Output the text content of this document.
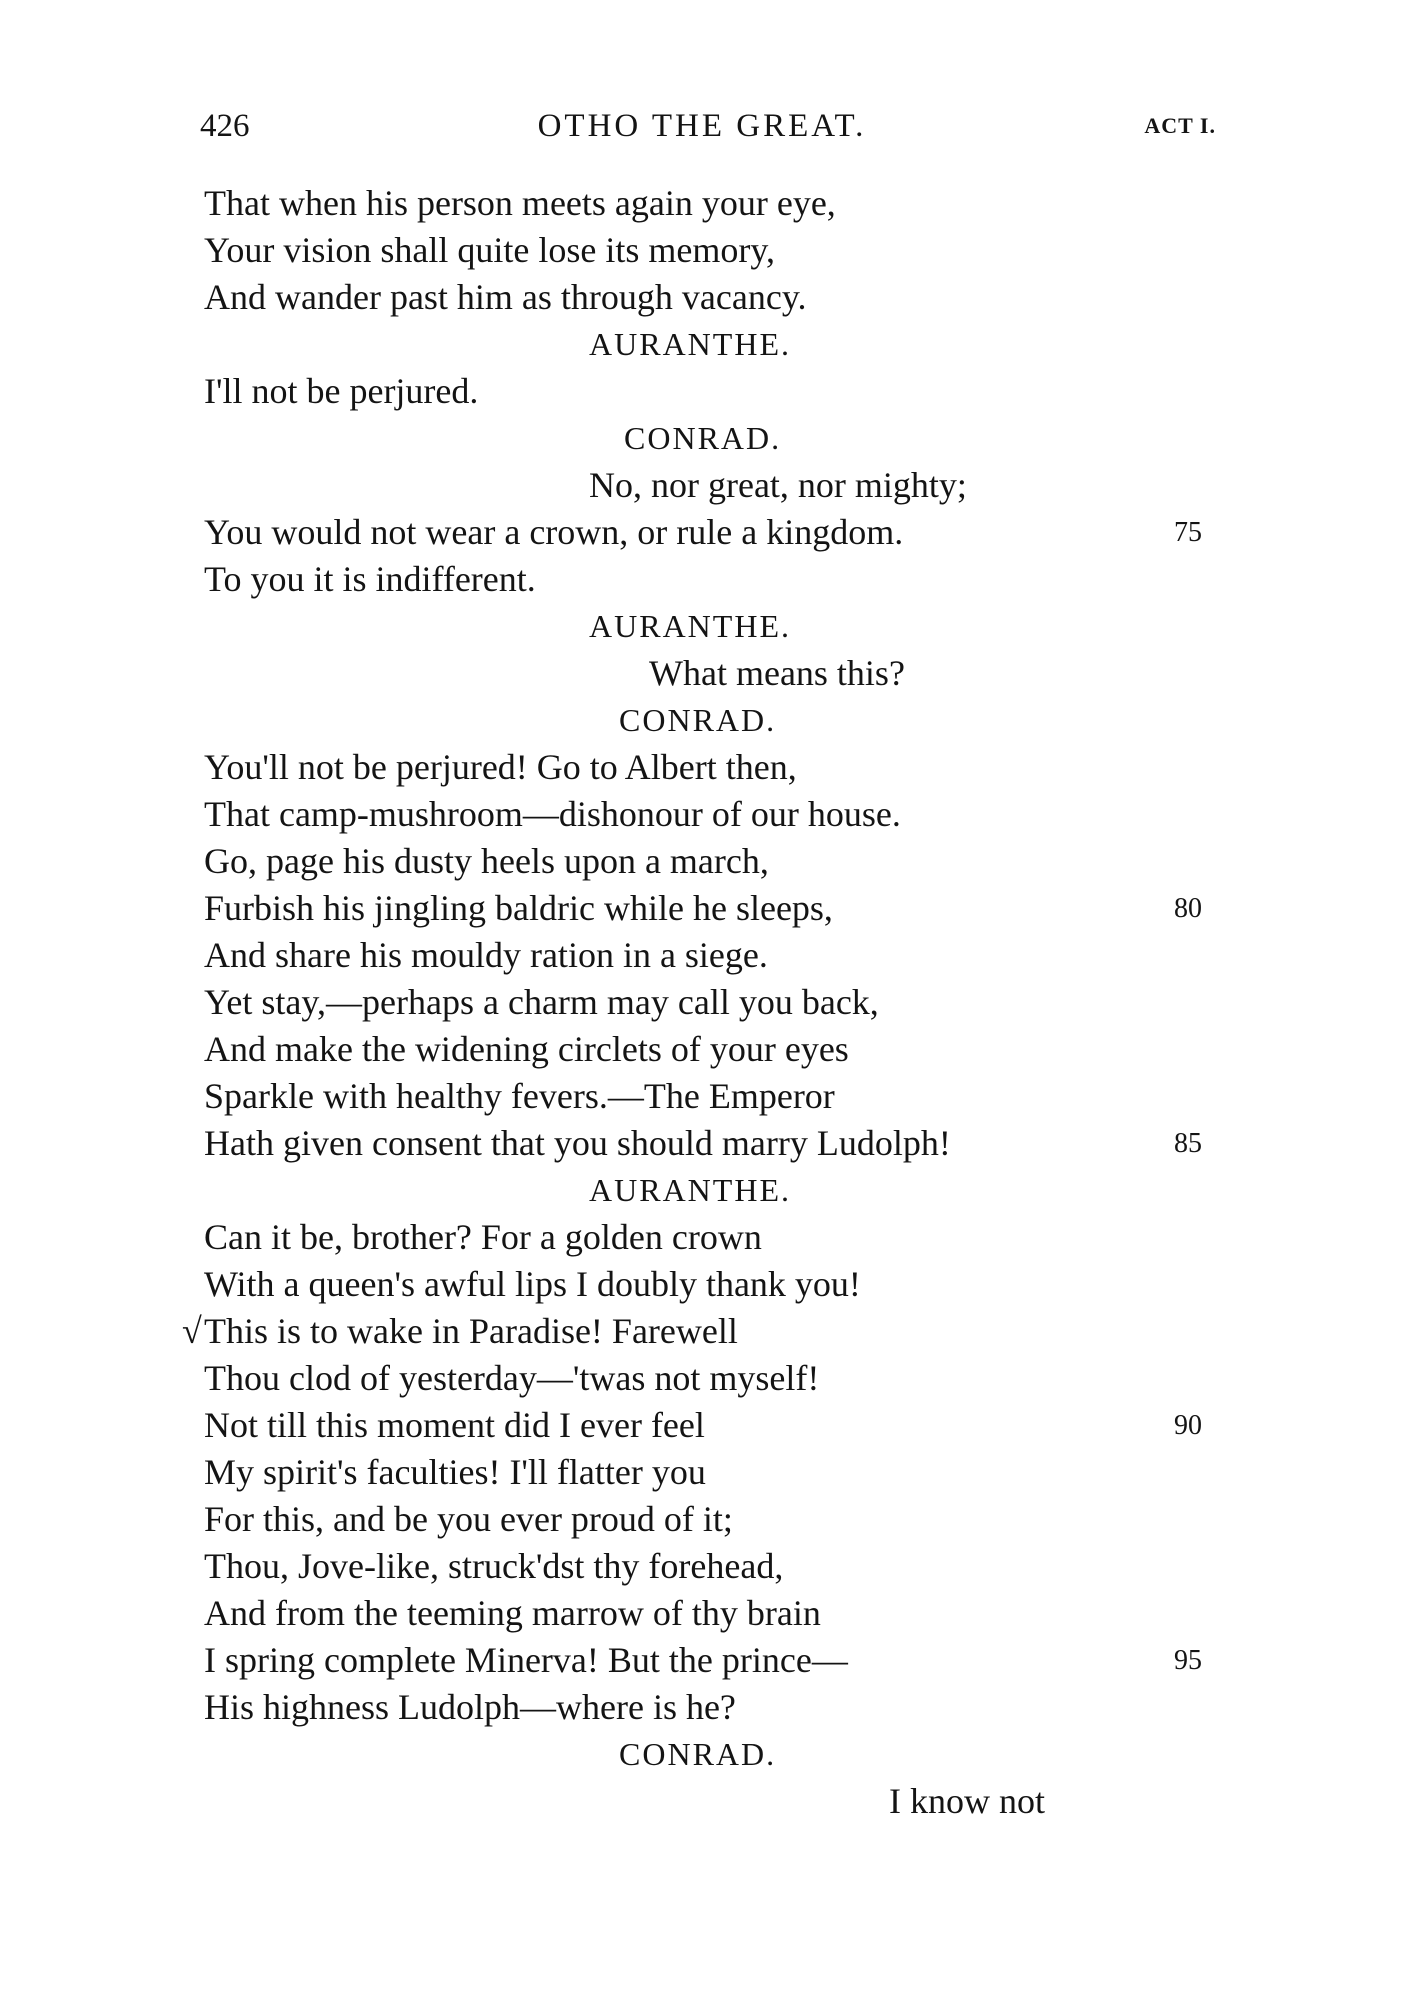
426	OTHO THE GREAT.	ACT I.
That when his person meets again your eye,
Your vision shall quite lose its memory,
And wander past him as through vacancy.
AURANTHE.
I'll not be perjured.
CONRAD.
No, nor great, nor mighty;
You would not wear a crown, or rule a kingdom.	75
To you it is indifferent.
AURANTHE.
What means this?
CONRAD.
You'll not be perjured! Go to Albert then,
That camp-mushroom—dishonour of our house.
Go, page his dusty heels upon a march,
Furbish his jingling baldric while he sleeps,	80
And share his mouldy ration in a siege.
Yet stay,—perhaps a charm may call you back,
And make the widening circlets of your eyes
Sparkle with healthy fevers.—The Emperor
Hath given consent that you should marry Ludolph!	85
AURANTHE.
Can it be, brother? For a golden crown
With a queen's awful lips I doubly thank you!
This is to wake in Paradise! Farewell
√
Thou clod of yesterday—'twas not myself!
Not till this moment did I ever feel	90
My spirit's faculties! I'll flatter you
For this, and be you ever proud of it;
Thou, Jove-like, struck'dst thy forehead,
And from the teeming marrow of thy brain
I spring complete Minerva! But the prince—	95
His highness Ludolph—where is he?
CONRAD.
I know not
